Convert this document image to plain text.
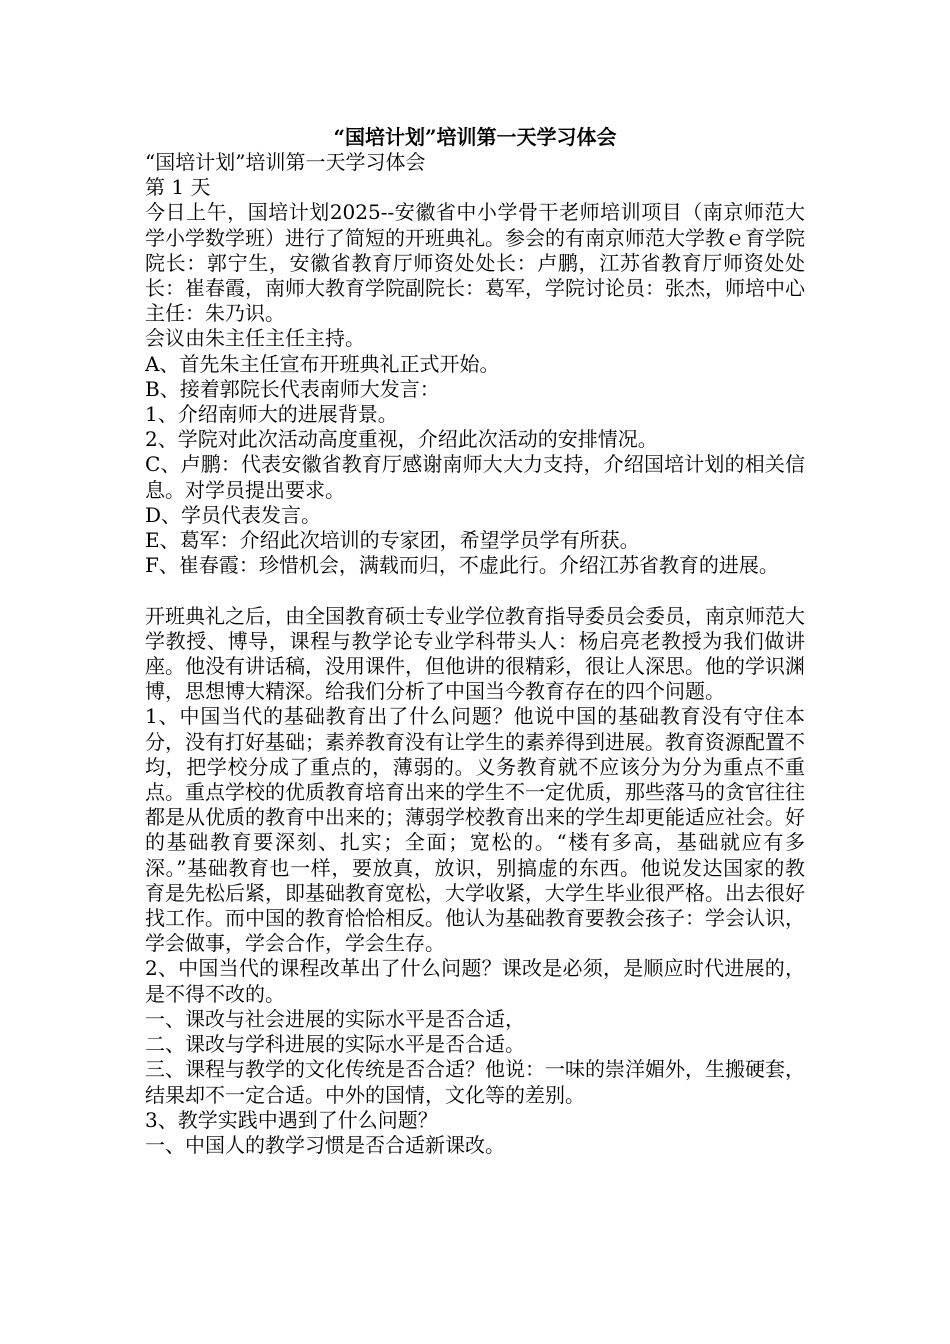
“国培计划”培训第一天学习体会

“国培计划”培训第一天学习体会

第 1 天

今日上午，国培计划2025--安徽省中小学骨干老师培训项目（南京师范大学小学数学班）进行了简短的开班典礼。参会的有南京师范大学教ｅ育学院院长：郭宁生，安徽省教育厅师资处处长：卢鹏，江苏省教育厅师资处处长：崔春霞，南师大教育学院副院长：葛军，学院讨论员：张杰，师培中心主任：朱乃识。

会议由朱主任主任主持。

A、首先朱主任宣布开班典礼正式开始。

B、接着郭院长代表南师大发言：

1、介绍南师大的进展背景。

2、学院对此次活动高度重视，介绍此次活动的安排情况。

C、卢鹏：代表安徽省教育厅感谢南师大大力支持，介绍国培计划的相关信息。对学员提出要求。

D、学员代表发言。

E、葛军：介绍此次培训的专家团，希望学员学有所获。

F、崔春霞：珍惜机会，满载而归，不虚此行。介绍江苏省教育的进展。

开班典礼之后，由全国教育硕士专业学位教育指导委员会委员，南京师范大学教授、博导，课程与教学论专业学科带头人：杨启亮老教授为我们做讲座。他没有讲话稿，没用课件，但他讲的很精彩，很让人深思。他的学识渊博，思想博大精深。给我们分析了中国当今教育存在的四个问题。

1、中国当代的基础教育出了什么问题？他说中国的基础教育没有守住本分，没有打好基础；素养教育没有让学生的素养得到进展。教育资源配置不均，把学校分成了重点的，薄弱的。义务教育就不应该分为分为重点不重点。重点学校的优质教育培育出来的学生不一定优质，那些落马的贪官往往都是从优质的教育中出来的；薄弱学校教育出来的学生却更能适应社会。好的基础教育要深刻、扎实；全面；宽松的。“楼有多高，基础就应有多深。”基础教育也一样，要放真，放识，别搞虚的东西。他说发达国家的教育是先松后紧，即基础教育宽松，大学收紧，大学生毕业很严格。出去很好找工作。而中国的教育恰恰相反。他认为基础教育要教会孩子：学会认识，学会做事，学会合作，学会生存。

2、中国当代的课程改革出了什么问题？课改是必须，是顺应时代进展的，是不得不改的。

一、课改与社会进展的实际水平是否合适，

二、课改与学科进展的实际水平是否合适。

三、课程与教学的文化传统是否合适？他说：一味的崇洋媚外，生搬硬套，结果却不一定合适。中外的国情，文化等的差别。

3、教学实践中遇到了什么问题？

一、中国人的教学习惯是否合适新课改。
